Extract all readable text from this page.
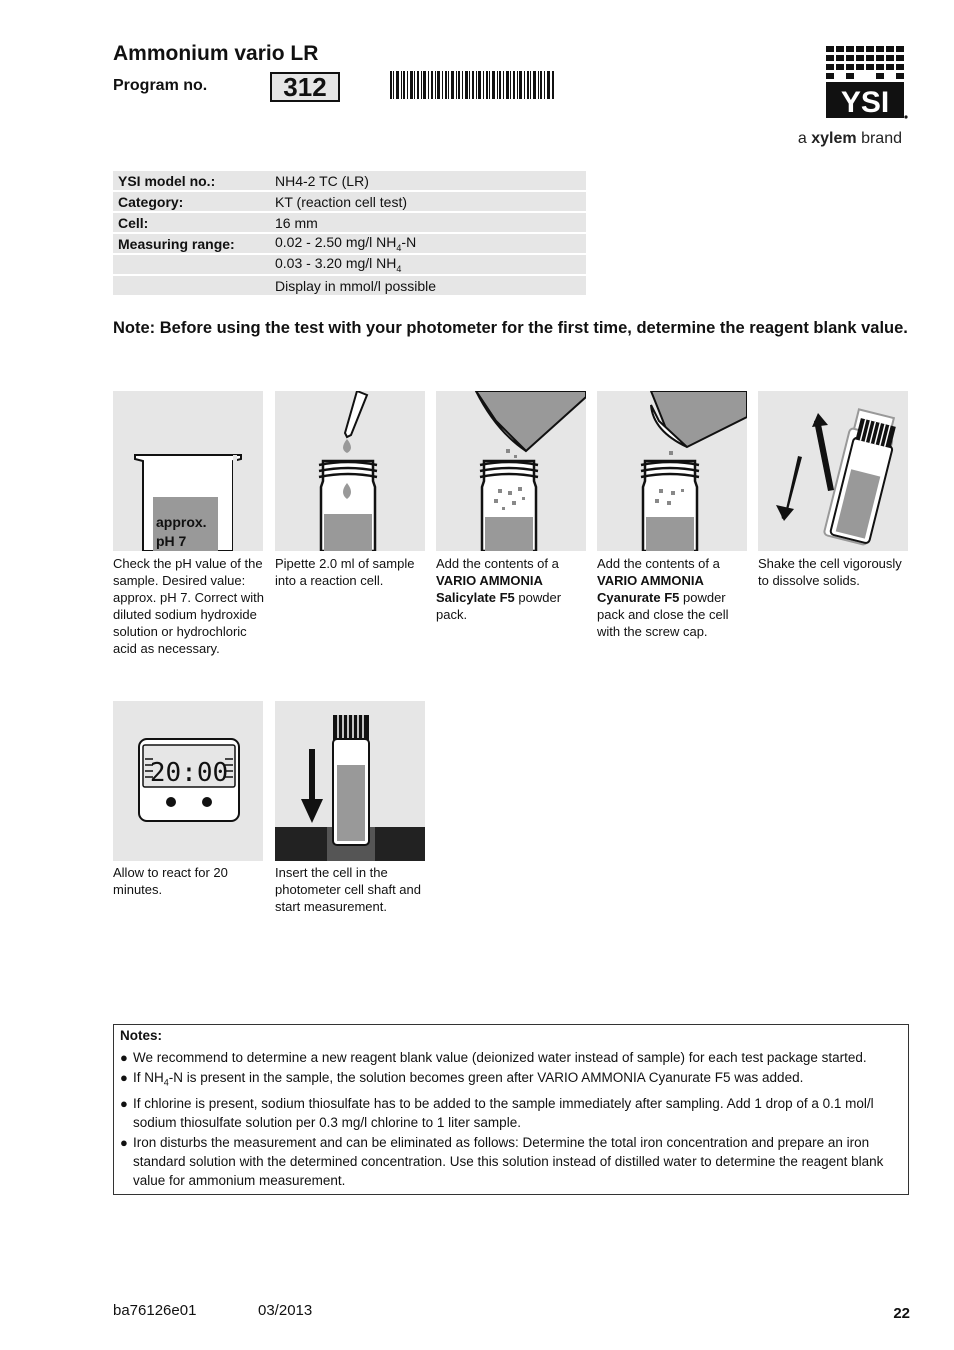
Ammonium vario LR
Program no.	312	YSI
a xylem brand
YSI model no.:	NH4-2 TC (LR)
Category:	KT (reaction cell test)
Cell:	16 mm
Measuring range:	0.02 - 2.50 mg/l $NH_4-N$
	0.03 - 3.20 mg/l $NH_4$
	Display in mmol/l possible
Note: Before using the test with your photometer for the first time, determine the reagent blank value.
approx.
pH 7
Check the pH value of the sample. Desired value: approx. pH 7. Correct with diluted sodium hydroxide solution or hydrochloric acid as necessary.
Pipette 2.0 ml of sample into a reaction cell.
Add the contents of a VARIO AMMONIA Salicylate F5 powder pack.
Add the contents of a VARIO AMMONIA Cyanurate F5 powder pack and close the cell with the screw cap.
Shake the cell vigorously to dissolve solids.
20:00
Allow to react for 20 minutes.
Insert the cell in the photometer cell shaft and start measurement.
Notes:
● We recommend to determine a new reagent blank value (deionized water instead of sample) for each test package started.
● If $NH_4-N$ is present in the sample, the solution becomes green after VARIO AMMONIA Cyanurate F5 was added.
● If chlorine is present, sodium thiosulfate has to be added to the sample immediately after sampling. Add 1 drop of a 0.1 mol/l sodium thiosulfate solution per 0.3 mg/l chlorine to 1 liter sample.
● Iron disturbs the measurement and can be eliminated as follows: Determine the total iron concentration and prepare an iron standard solution with the determined concentration. Use this solution instead of distilled water to determine the reagent blank value for ammonium measurement.
ba76126e01	03/2013	22
